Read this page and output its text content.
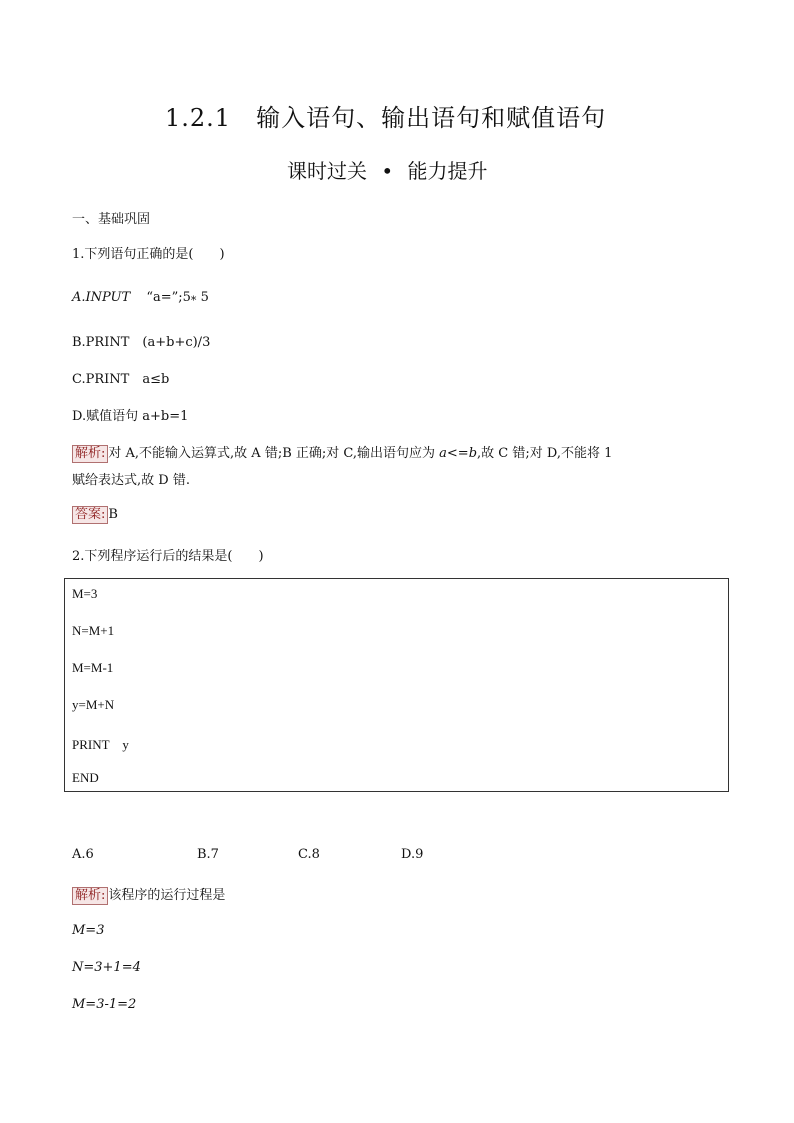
1.2.1　输入语句、输出语句和赋值语句
课时过关 • 能力提升
一、基础巩固
1.下列语句正确的是(　　)
A.INPUT “$a=”;5_*$ 5
B.PRINT　(a+b+c)/3
C.PRINT　a≤b
D.赋值语句 a+b=1
解析: 对 A,不能输入运算式,故 A 错;B 正确;对 C,输出语句应为 a<=b,故 C 错;对 D,不能将 1
赋给表达式,故 D 错.
答案: B
2.下列程序运行后的结果是(　　)
M=3
N=M+1
M=M-1
y=M+N
PRINT　y
END
A.6	B.7	C.8	D.9
解析: 该程序的运行过程是
M=3
N=3+1=4
M=3-1=2
